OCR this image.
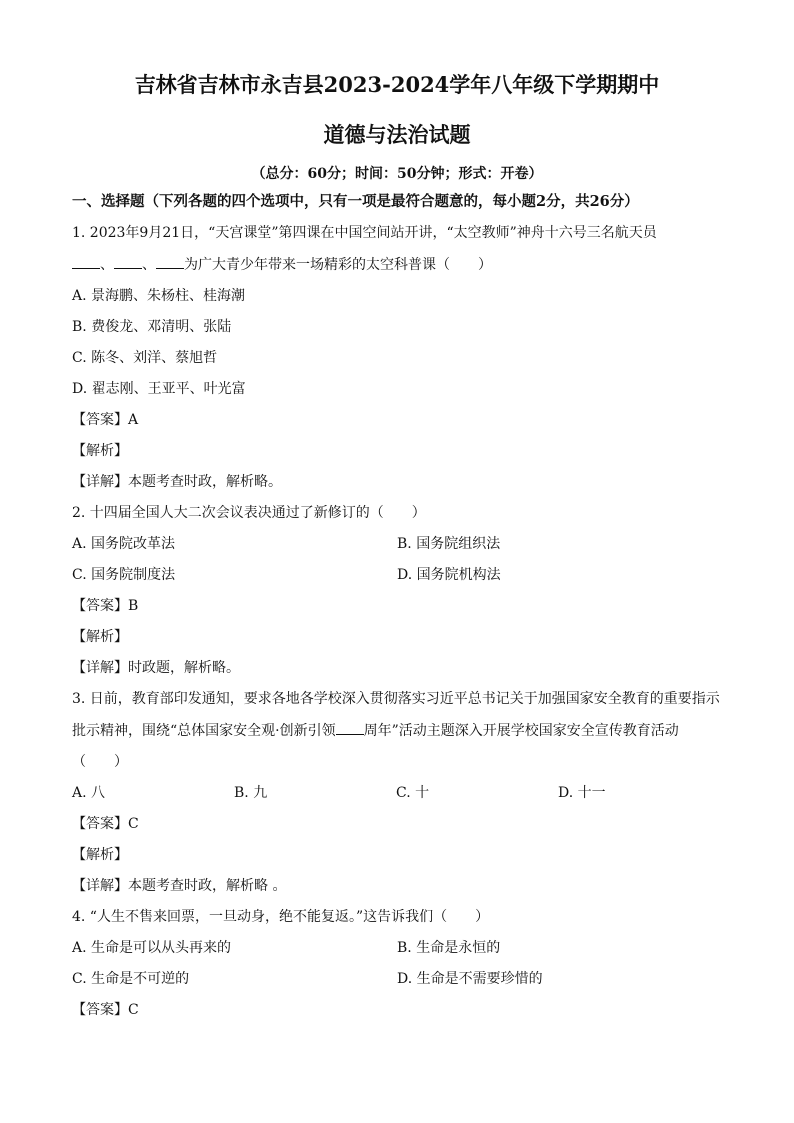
吉林省吉林市永吉县2023-2024学年八年级下学期期中
道德与法治试题
（总分：60分；时间：50分钟；形式：开卷）
一、选择题（下列各题的四个选项中，只有一项是最符合题意的，每小题2分，共26分）
1. 2023年9月21日，“天宫课堂”第四课在中国空间站开讲，“太空教师”神舟十六号三名航天员
、 、 为广大青少年带来一场精彩的太空科普课（　　）
A. 景海鹏、朱杨柱、桂海潮
B. 费俊龙、邓清明、张陆
C. 陈冬、刘洋、蔡旭哲
D. 翟志刚、王亚平、叶光富
【答案】A
【解析】
【详解】本题考查时政，解析略。
2. 十四届全国人大二次会议表决通过了新修订的（　　）
A. 国务院改革法	B. 国务院组织法
C. 国务院制度法	D. 国务院机构法
【答案】B
【解析】
【详解】时政题，解析略。
3. 日前，教育部印发通知，要求各地各学校深入贯彻落实习近平总书记关于加强国家安全教育的重要指示
批示精神，围绕“总体国家安全观·创新引领 周年”活动主题深入开展学校国家安全宣传教育活动
（　　）
A. 八	B. 九	C. 十	D. 十一
【答案】C
【解析】
【详解】本题考查时政，解析略 。
4. “人生不售来回票，一旦动身，绝不能复返。”这告诉我们（　　）
A. 生命是可以从头再来的	B. 生命是永恒的
C. 生命是不可逆的	D. 生命是不需要珍惜的
【答案】C
